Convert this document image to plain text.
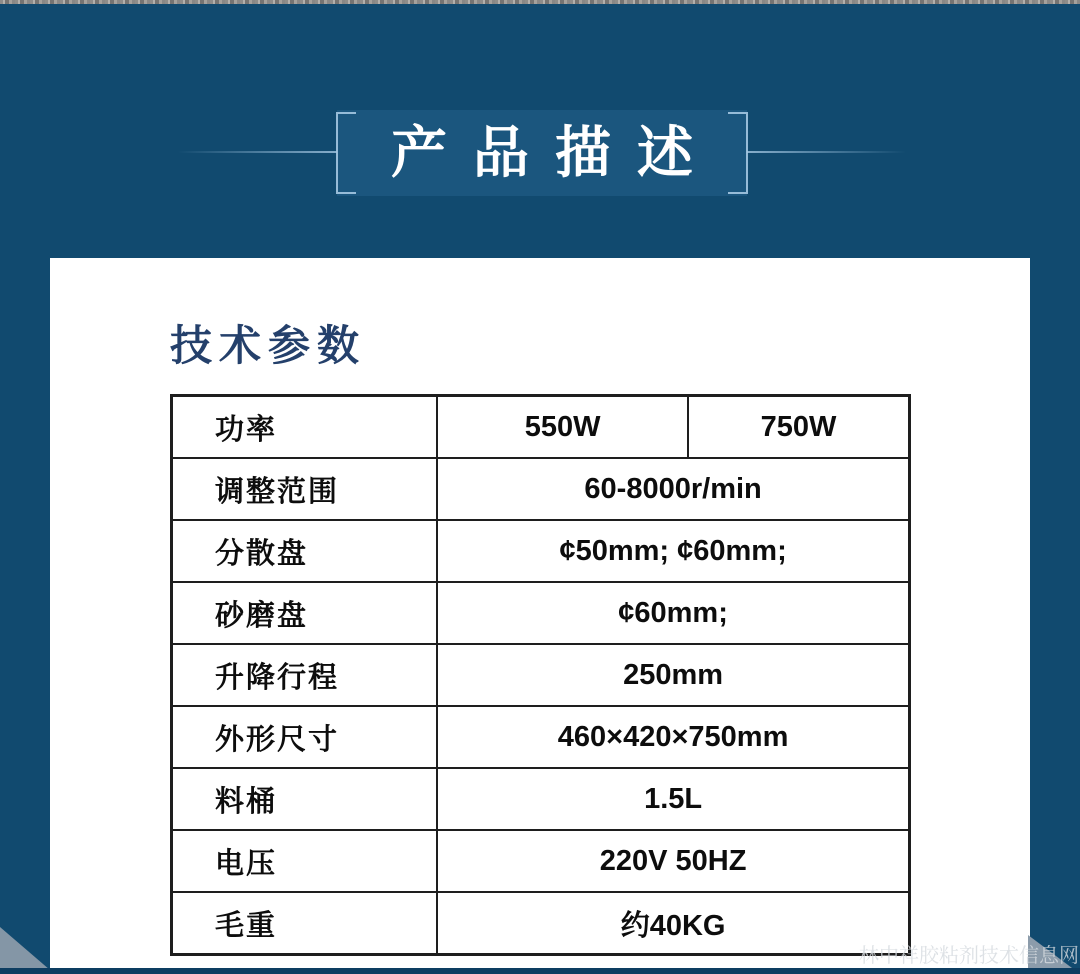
产品描述
技术参数
功率	550W	750W
调整范围	60-8000r/min	
分散盘	¢50mm; ¢60mm;	
砂磨盘	¢60mm;	
升降行程	250mm	
外形尺寸	460×420×750mm	
料桶	1.5L	
电压	220V 50HZ	
毛重	约40KG	
林中祥胶粘剂技术信息网
